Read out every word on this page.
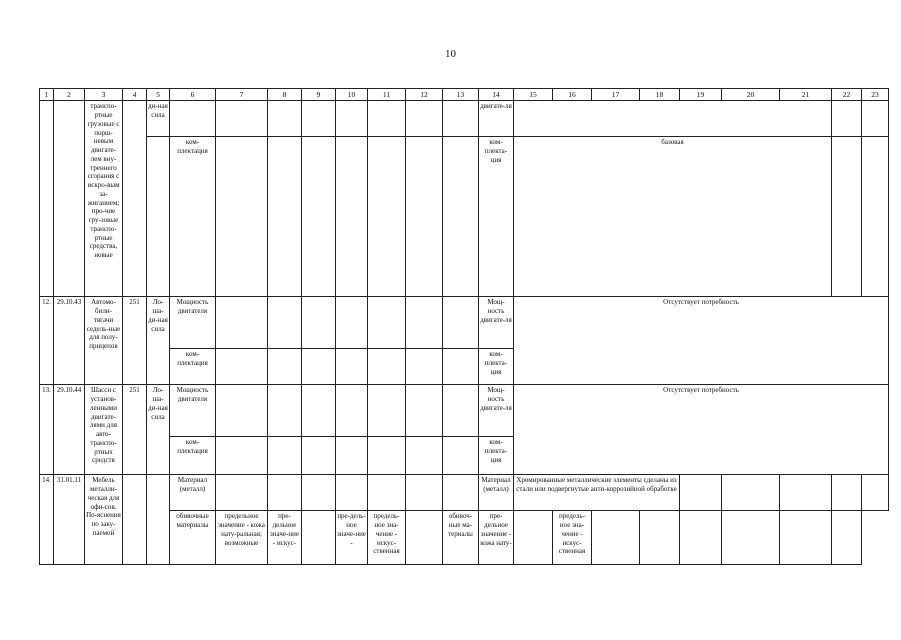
10
1	2	3	4	5	6	7	8	9	10	11	12	13	14	15	16	17	18	19	20	21	22	23
		транспо-ртные грузовые с порш-невым двигате-лем вну-треннего сгорания с искро-вым за-жиганием; про-чие гру-зовые транспо-ртные средства, новые		ди-ная сила									двигате-ля									
					ком-плектация								ком-плекта-ция	базовая								
12.	29.10.43	Автомо-били-тягачи седель-ные для полу-прицепов	251	Ло-ша-ди-ная сила	Мощность двигателя								Мощ-ность двигате-ля	Отсутствует потребность								
					ком-плектация								ком-плекта-ция									
13.	29.10.44	Шасси с установ-ленными двигате-лями для авто-транспо-ртных средств	251	Ло-ша-ди-ная сила	Мощность двигателя								Мощ-ность двигате-ля	Отсутствует потребность								
					ком-плектация								ком-плекта-ция									
14.	31.01.11	Мебель металли-ческая для офи-сов. По-яснения по заку-паемой			Материал (металл)								Материал (металл)	Хромированные металлические элементы сделаны из стали или подвергнутые анти-коррозийной обработке								
					обивочные материалы	предельное значение - кожа нату-ральная; возможные	пре-дельное значе-ние - искус-		пре-дель-ное значе-ние -	предель-ное зна-чение - искус-ственная		обивоч-ные ма-териалы	пре-дельное значение - кожа нату-		предель-ное зна-чение - искус-ственная							
